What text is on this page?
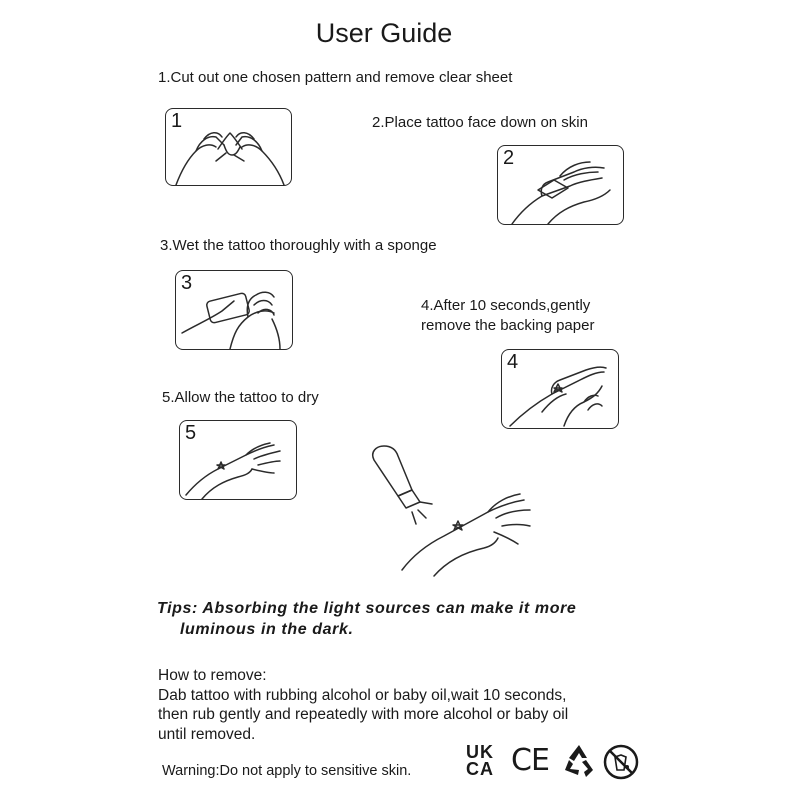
User Guide
1.Cut out one chosen pattern and remove clear sheet
1	2.Place tattoo face down on skin
2
3.Wet the tattoo thoroughly with a sponge
3
4.After 10 seconds,gently
remove the backing paper
4
5.Allow the tattoo to dry
5
Tips: Absorbing the light sources can make it more
luminous in the dark.
How to remove:
Dab tattoo with rubbing alcohol or baby oil,wait 10 seconds,
then rub gently and repeatedly with more alcohol or baby oil
until removed.
Warning:Do not apply to sensitive skin.
UK
CA CE
